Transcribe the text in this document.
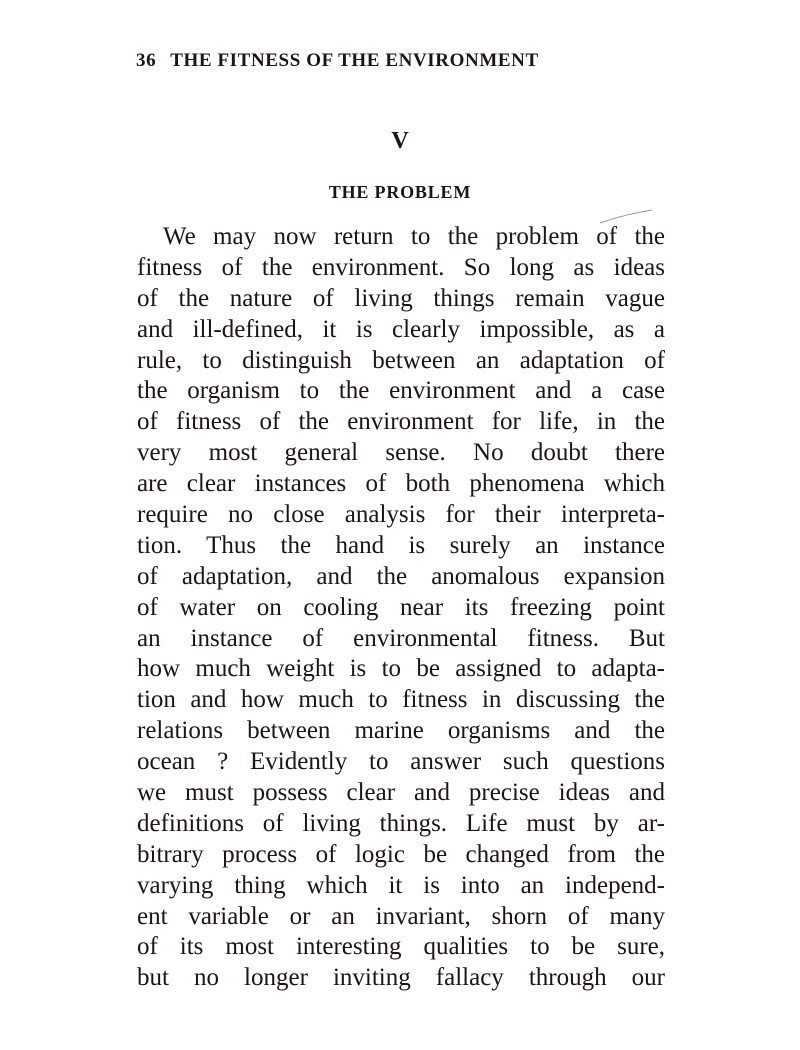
36 THE FITNESS OF THE ENVIRONMENT
V
THE PROBLEM
We may now return to the problem of the
fitness of the environment. So long as ideas
of the nature of living things remain vague
and ill-defined, it is clearly impossible, as a
rule, to distinguish between an adaptation of
the organism to the environment and a case
of fitness of the environment for life, in the
very most general sense. No doubt there
are clear instances of both phenomena which
require no close analysis for their interpreta-
tion. Thus the hand is surely an instance
of adaptation, and the anomalous expansion
of water on cooling near its freezing point
an instance of environmental fitness. But
how much weight is to be assigned to adapta-
tion and how much to fitness in discussing the
relations between marine organisms and the
ocean ? Evidently to answer such questions
we must possess clear and precise ideas and
definitions of living things. Life must by ar-
bitrary process of logic be changed from the
varying thing which it is into an independ-
ent variable or an invariant, shorn of many
of its most interesting qualities to be sure,
but no longer inviting fallacy through our
